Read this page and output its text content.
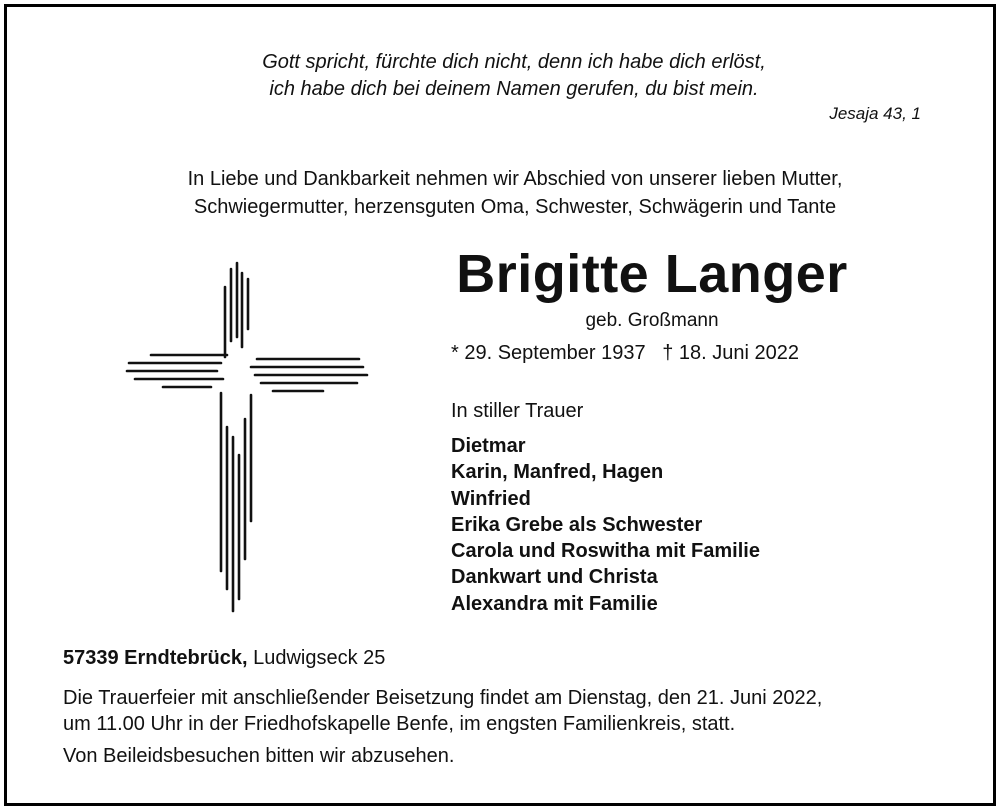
Gott spricht, fürchte dich nicht, denn ich habe dich erlöst,
ich habe dich bei deinem Namen gerufen, du bist mein.
Jesaja 43, 1
In Liebe und Dankbarkeit nehmen wir Abschied von unserer lieben Mutter,
Schwiegermutter, herzensguten Oma, Schwester, Schwägerin und Tante
Brigitte Langer
geb. Großmann
* 29. September 1937   † 18. Juni 2022
In stiller Trauer
Dietmar
Karin, Manfred, Hagen
Winfried
Erika Grebe als Schwester
Carola und Roswitha mit Familie
Dankwart und Christa
Alexandra mit Familie
57339 Erndtebrück, Ludwigseck 25
Die Trauerfeier mit anschließender Beisetzung findet am Dienstag, den 21. Juni 2022,
um 11.00 Uhr in der Friedhofskapelle Benfe, im engsten Familienkreis, statt.
Von Beileidsbesuchen bitten wir abzusehen.
